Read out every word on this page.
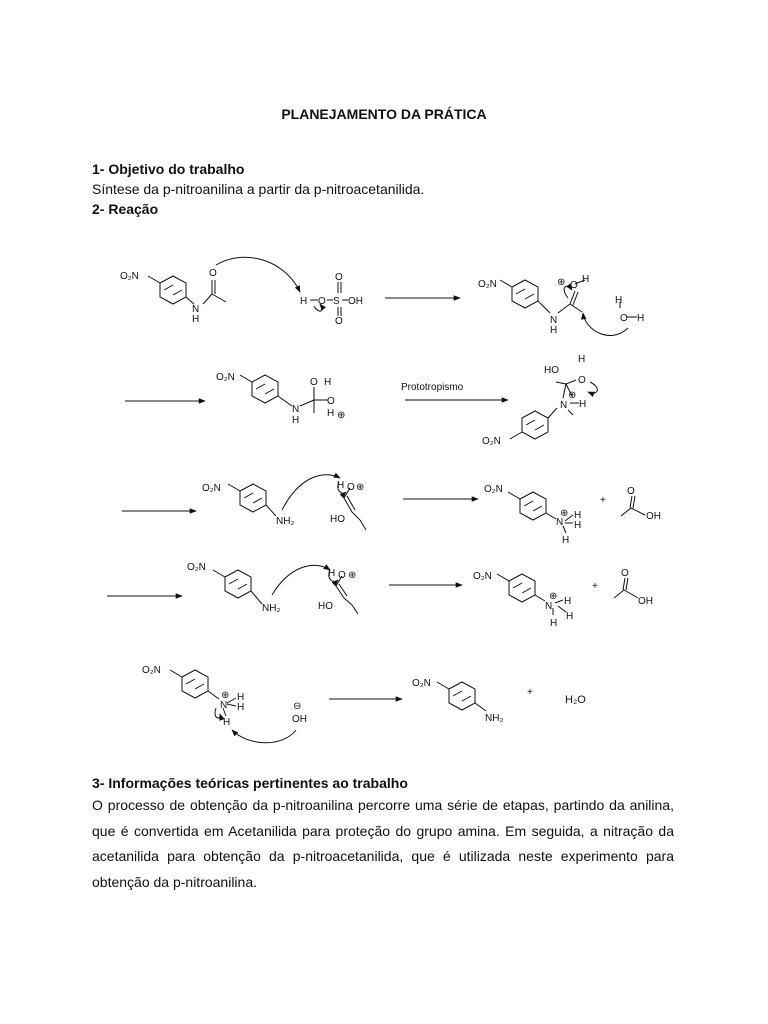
PLANEJAMENTO DA PRÁTICA
1- Objetivo do trabalho
Síntese da p-nitroanilina a partir da p-nitroacetanilida.
2- Reação
O₂N
N
H
O
H O S OH
O
O
O₂N
N
H
O
H
⊕
H
O H
O₂N
N
H
O H
O
H ⊕
Prototropismo
HO
H
O
N H
⊕
O₂N
O₂N
NH₂
H O ⊕
HO
O₂N
N
⊕ H
H
H
+
O
OH
O₂N
NH₂
H O ⊕
HO
O₂N
N
⊕ H
H
H
+
O
OH
O₂N
N
⊕ H
H
H
⊖
OH
O₂N
NH₂
+
H₂O
3- Informações teóricas pertinentes ao trabalho
O processo de obtenção da p-nitroanilina percorre uma série de etapas, partindo da anilina, que é convertida em Acetanilida para proteção do grupo amina. Em seguida, a nitração da acetanilida para obtenção da p-nitroacetanilida, que é utilizada neste experimento para obtenção da p-nitroanilina.
